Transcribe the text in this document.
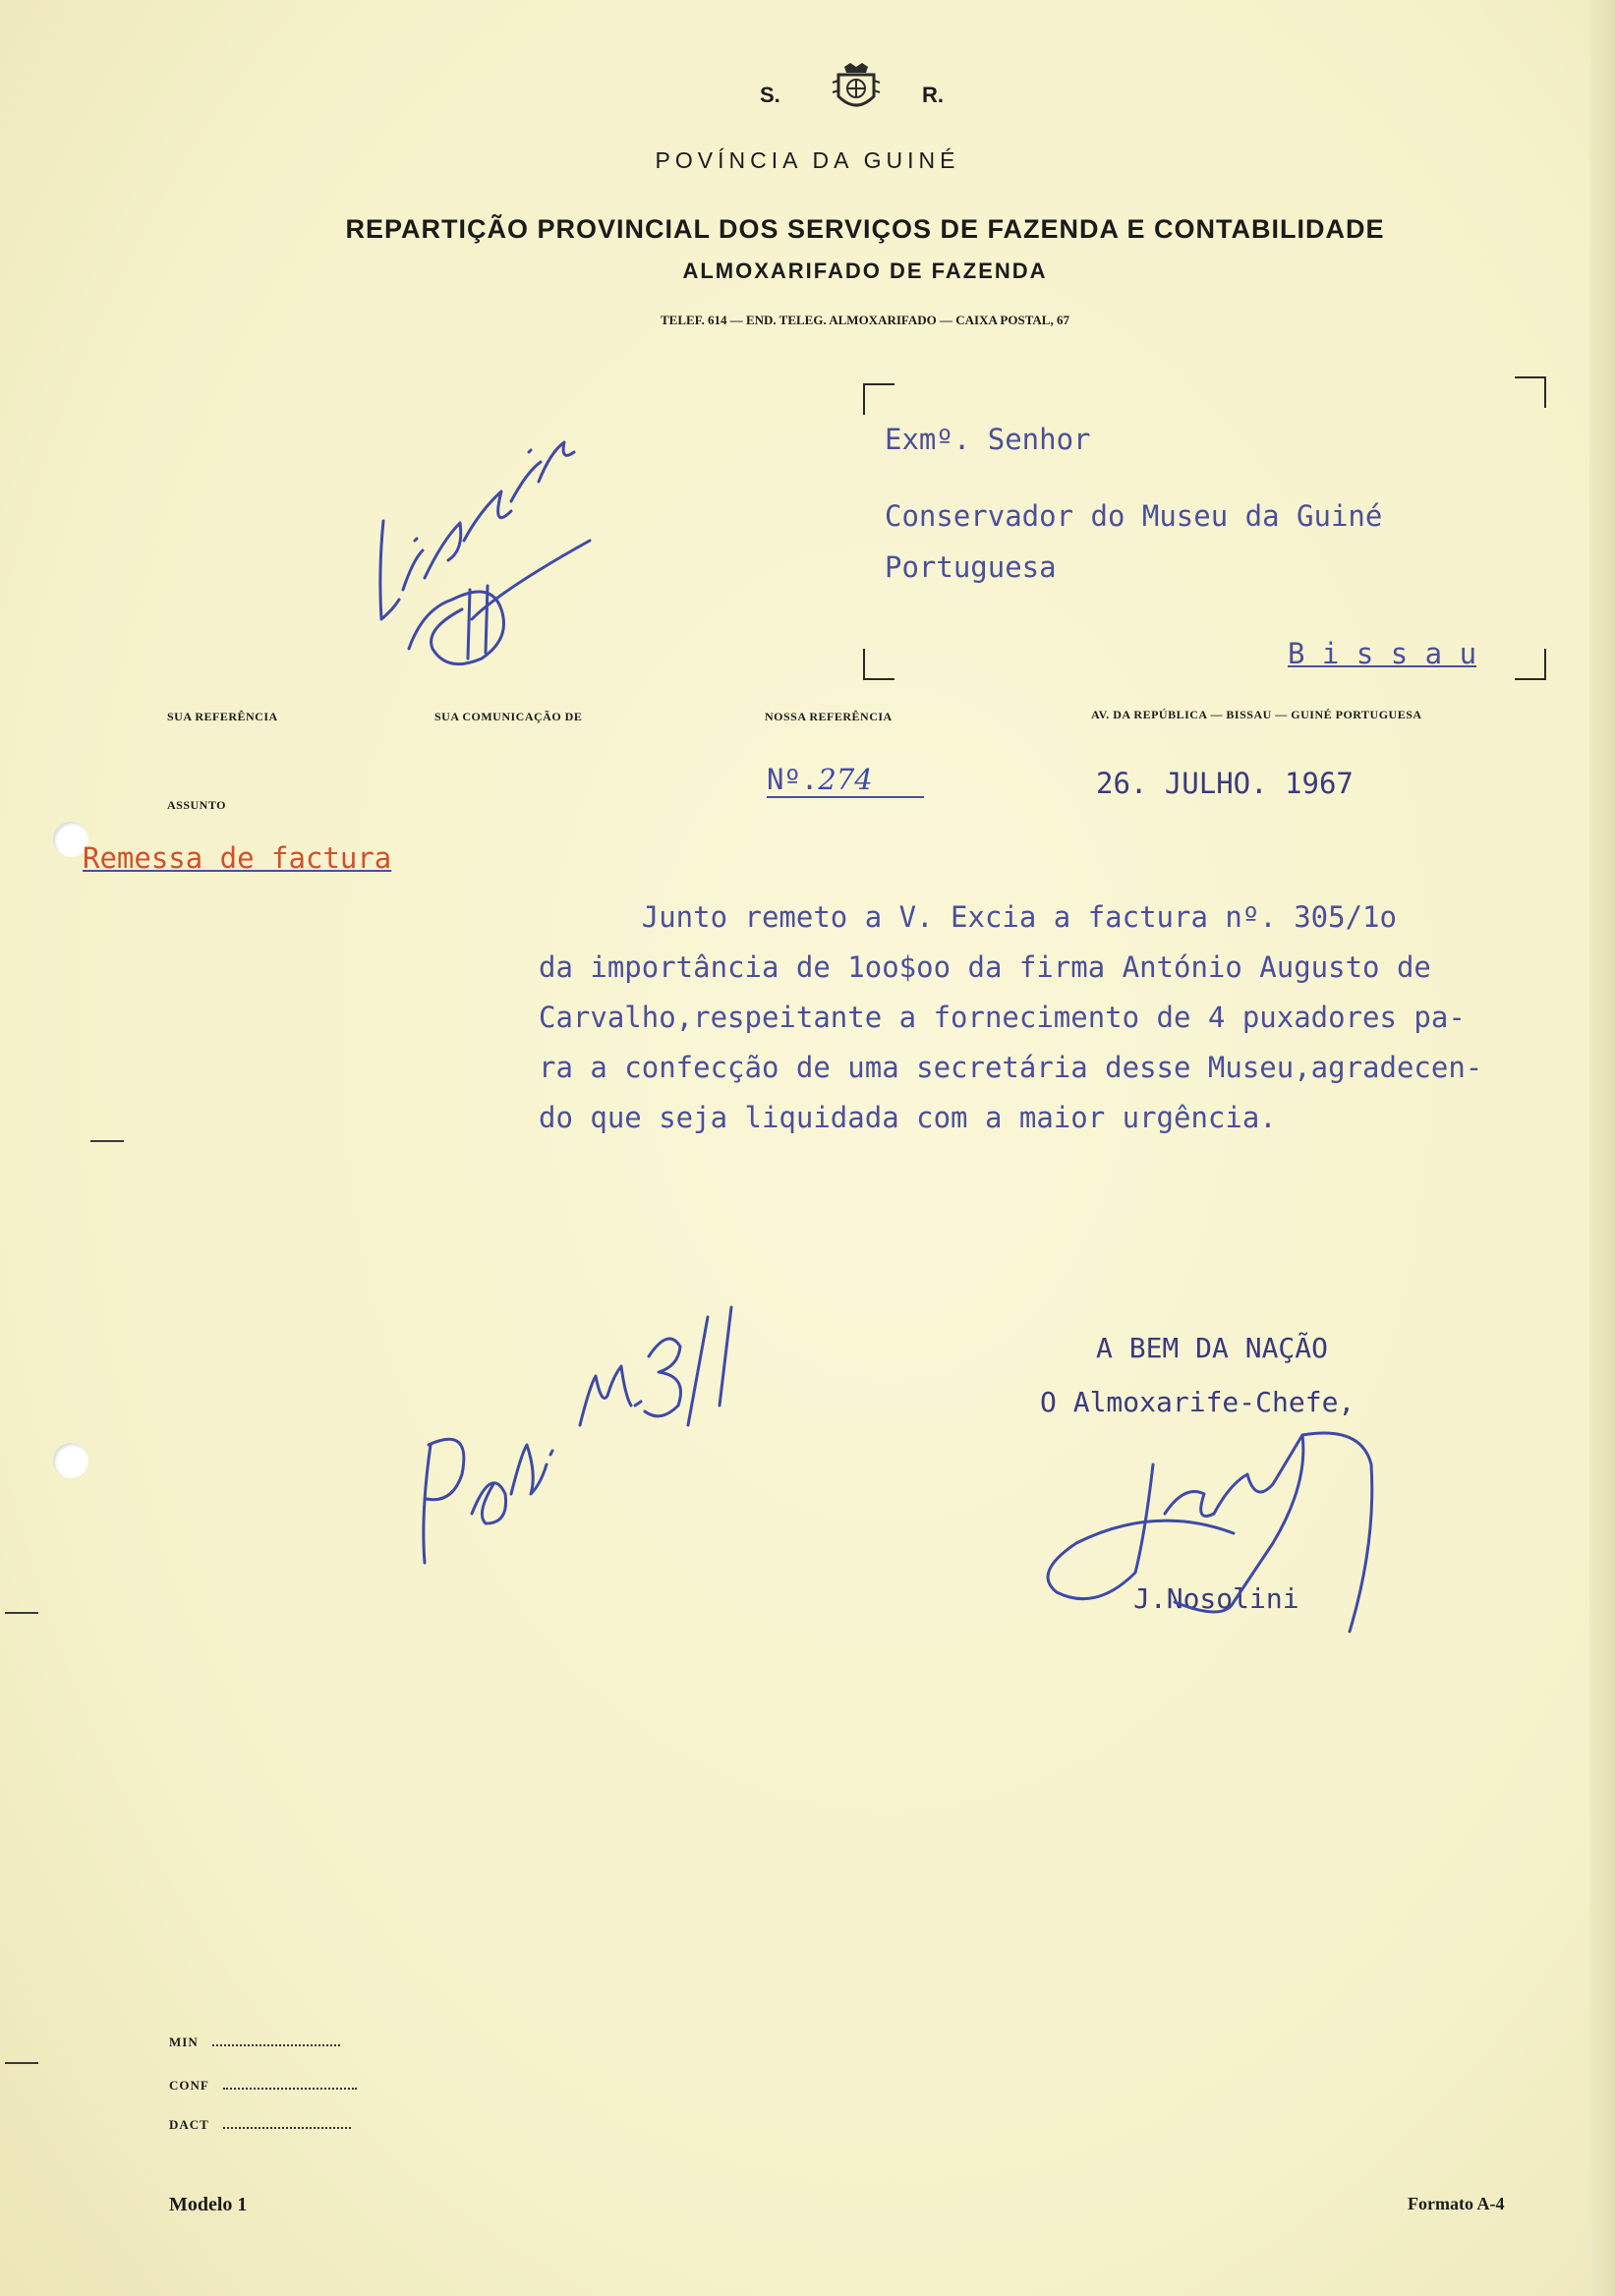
S.	R.
POVÍNCIA DA GUINÉ
REPARTIÇÃO PROVINCIAL DOS SERVIÇOS DE FAZENDA E CONTABILIDADE
ALMOXARIFADO DE FAZENDA
TELEF. 614 — END. TELEG. ALMOXARIFADO — CAIXA POSTAL, 67
Exmº. Senhor
Conservador do Museu da Guiné
Portuguesa
B i s s a u
SUA REFERÊNCIA	SUA COMUNICAÇÃO DE	NOSSA REFERÊNCIA	AV. DA REPÚBLICA — BISSAU — GUINÉ PORTUGUESA
ASSUNTO
Nº.274	26. JULHO. 1967
Remessa de factura
Junto remeto a V. Excia a factura nº. 305/1o
da importância de 1oo$oo da firma António Augusto de
Carvalho,respeitante a fornecimento de 4 puxadores pa-
ra a confecção de uma secretária desse Museu,agradecen-
do que seja liquidada com a maior urgência.
A BEM DA NAÇÃO
O Almoxarife-Chefe,
J.Nosolini
MIN
CONF
DACT
Modelo 1	Formato A-4
